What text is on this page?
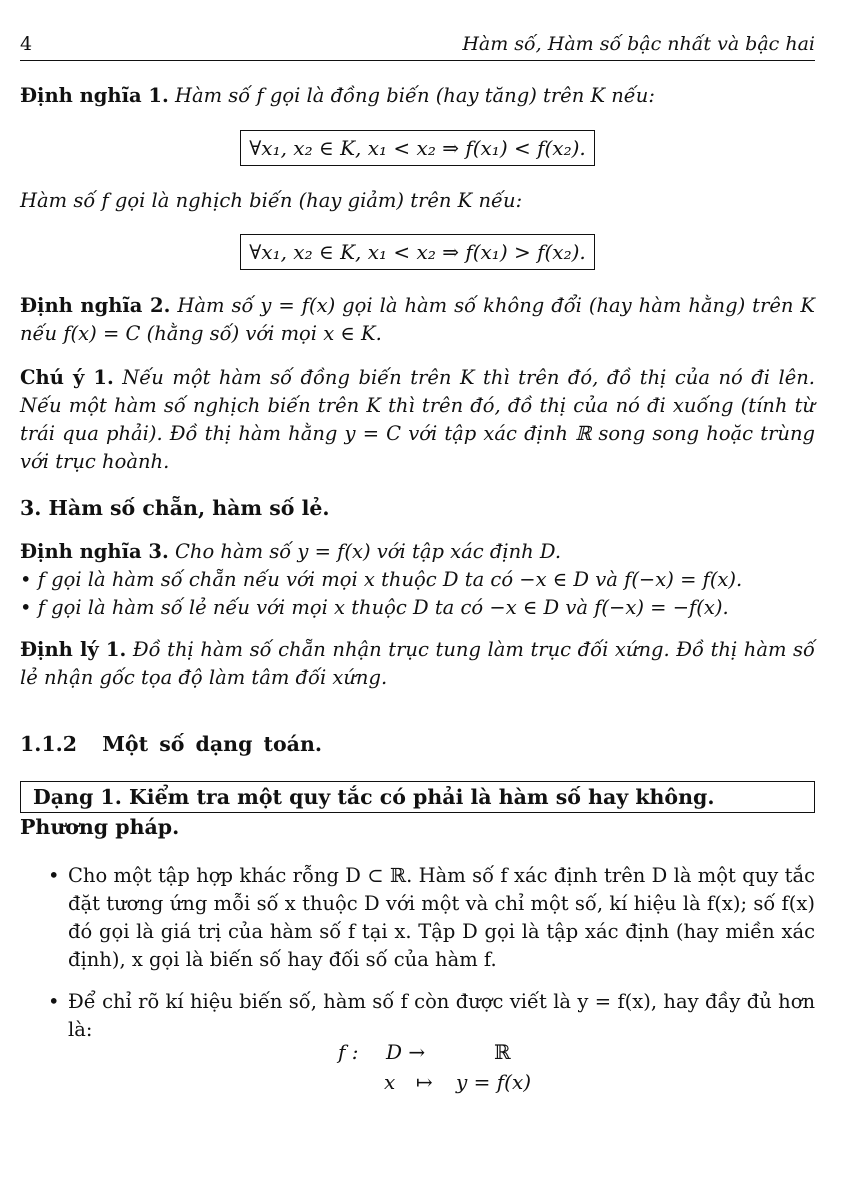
4	Hàm số, Hàm số bậc nhất và bậc hai
Định nghĩa 1. Hàm số f gọi là đồng biến (hay tăng) trên K nếu:
∀x₁, x₂ ∈ K, x₁ < x₂ ⇒ f(x₁) < f(x₂).
Hàm số f gọi là nghịch biến (hay giảm) trên K nếu:
∀x₁, x₂ ∈ K, x₁ < x₂ ⇒ f(x₁) > f(x₂).
Định nghĩa 2. Hàm số y = f(x) gọi là hàm số không đổi (hay hàm hằng) trên K nếu f(x) = C (hằng số) với mọi x ∈ K.
Chú ý 1. Nếu một hàm số đồng biến trên K thì trên đó, đồ thị của nó đi lên. Nếu một hàm số nghịch biến trên K thì trên đó, đồ thị của nó đi xuống (tính từ trái qua phải). Đồ thị hàm hằng y = C với tập xác định ℝ song song hoặc trùng với trục hoành.
3. Hàm số chẵn, hàm số lẻ.
Định nghĩa 3. Cho hàm số y = f(x) với tập xác định D.
• f gọi là hàm số chẵn nếu với mọi x thuộc D ta có −x ∈ D và f(−x) = f(x).
• f gọi là hàm số lẻ nếu với mọi x thuộc D ta có −x ∈ D và f(−x) = −f(x).
Định lý 1. Đồ thị hàm số chẵn nhận trục tung làm trục đối xứng. Đồ thị hàm số lẻ nhận gốc tọa độ làm tâm đối xứng.
1.1.2 Một số dạng toán.
Dạng 1. Kiểm tra một quy tắc có phải là hàm số hay không.
Phương pháp.
• Cho một tập hợp khác rỗng D ⊂ ℝ. Hàm số f xác định trên D là một quy tắc đặt tương ứng mỗi số x thuộc D với một và chỉ một số, kí hiệu là f(x); số f(x) đó gọi là giá trị của hàm số f tại x. Tập D gọi là tập xác định (hay miền xác định), x gọi là biến số hay đối số của hàm f.
• Để chỉ rõ kí hiệu biến số, hàm số f còn được viết là y = f(x), hay đầy đủ hơn là:
f : D →	ℝ
x ↦ y = f(x)
